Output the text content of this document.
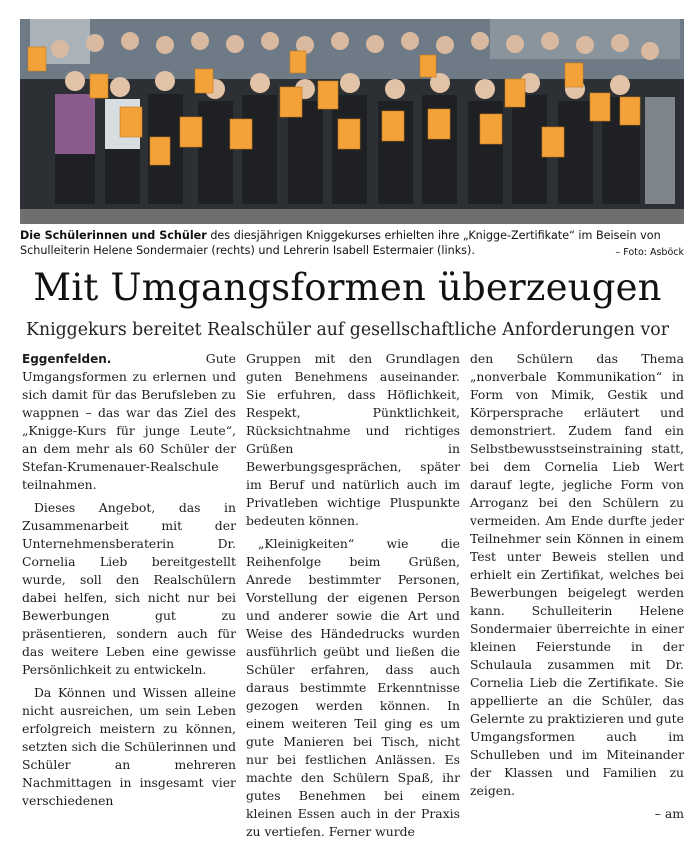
Die Schülerinnen und Schüler des diesjährigen Kniggekurses erhielten ihre „Knigge-Zertifikate“ im Beisein von Schulleiterin Helene Sondermaier (rechts) und Lehrerin Isabell Estermaier (links).	– Foto: Asböck
Mit Umgangsformen überzeugen
Kniggekurs bereitet Realschüler auf gesellschaftliche Anforderungen vor

Eggenfelden. Gute Umgangsformen zu erlernen und sich damit für das Berufsleben zu wappnen – das war das Ziel des „Knigge-Kurs für junge Leute“, an dem mehr als 60 Schüler der Stefan-Krumenauer-Realschule teilnahmen.

Dieses Angebot, das in Zusammenarbeit mit der Unternehmensberaterin Dr. Cornelia Lieb bereitgestellt wurde, soll den Realschülern dabei helfen, sich nicht nur bei Bewerbungen gut zu präsentieren, sondern auch für das weitere Leben eine gewisse Persönlichkeit zu entwickeln.

Da Können und Wissen alleine nicht ausreichen, um sein Leben erfolgreich meistern zu können, setzten sich die Schülerinnen und Schüler an mehreren Nachmittagen in insgesamt vier verschiedenen

Gruppen mit den Grundlagen guten Benehmens auseinander. Sie erfuhren, dass Höflichkeit, Respekt, Pünktlichkeit, Rücksichtnahme und richtiges Grüßen in Bewerbungsgesprächen, später im Beruf und natürlich auch im Privatleben wichtige Pluspunkte bedeuten können.

„Kleinigkeiten“ wie die Reihenfolge beim Grüßen, Anrede bestimmter Personen, Vorstellung der eigenen Person und anderer sowie die Art und Weise des Händedrucks wurden ausführlich geübt und ließen die Schüler erfahren, dass auch daraus bestimmte Erkenntnisse gezogen werden können. In einem weiteren Teil ging es um gute Manieren bei Tisch, nicht nur bei festlichen Anlässen. Es machte den Schülern Spaß, ihr gutes Benehmen bei einem kleinen Essen auch in der Praxis zu vertiefen. Ferner wurde

den Schülern das Thema „nonverbale Kommunikation“ in Form von Mimik, Gestik und Körpersprache erläutert und demonstriert. Zudem fand ein Selbstbewusstseinstraining statt, bei dem Cornelia Lieb Wert darauf legte, jegliche Form von Arroganz bei den Schülern zu vermeiden. Am Ende durfte jeder Teilnehmer sein Können in einem Test unter Beweis stellen und erhielt ein Zertifikat, welches bei Bewerbungen beigelegt werden kann. Schulleiterin Helene Sondermaier überreichte in einer kleinen Feierstunde in der Schulaula zusammen mit Dr. Cornelia Lieb die Zertifikate. Sie appellierte an die Schüler, das Gelernte zu praktizieren und gute Umgangsformen auch im Schulleben und im Miteinander der Klassen und Familien zu zeigen.

– am
